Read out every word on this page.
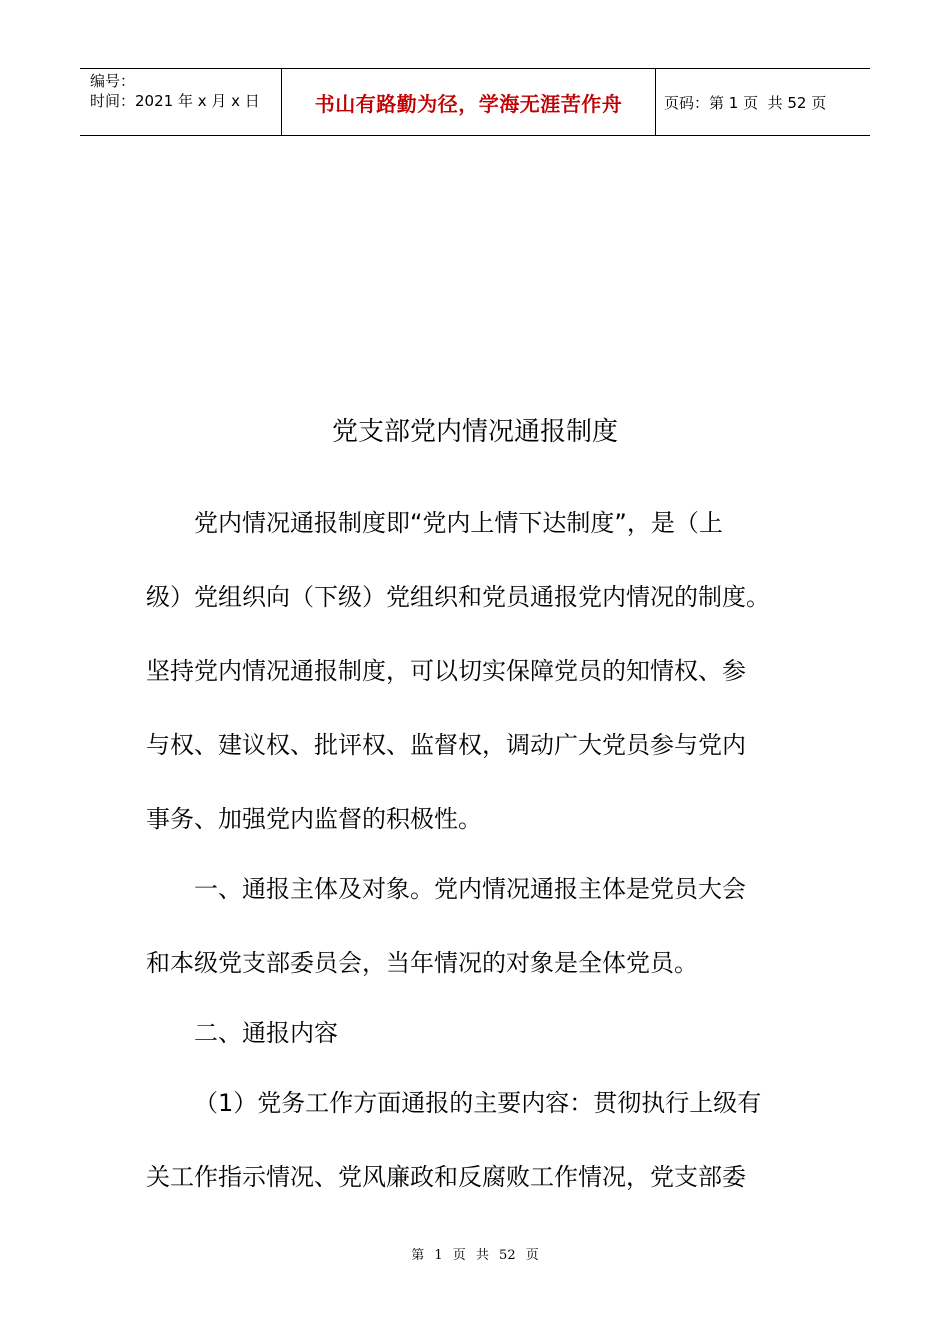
编号：
时间：2021 年 x 月 x 日	书山有路勤为径，学海无涯苦作舟	页码：第 1 页  共 52 页
党支部党内情况通报制度
党内情况通报制度即“党内上情下达制度”，是（上
级）党组织向（下级）党组织和党员通报党内情况的制度。
坚持党内情况通报制度，可以切实保障党员的知情权、参
与权、建议权、批评权、监督权，调动广大党员参与党内
事务、加强党内监督的积极性。
一、通报主体及对象。党内情况通报主体是党员大会
和本级党支部委员会，当年情况的对象是全体党员。
二、通报内容
（1）党务工作方面通报的主要内容：贯彻执行上级有
关工作指示情况、党风廉政和反腐败工作情况，党支部委
第 1 页 共 52 页
